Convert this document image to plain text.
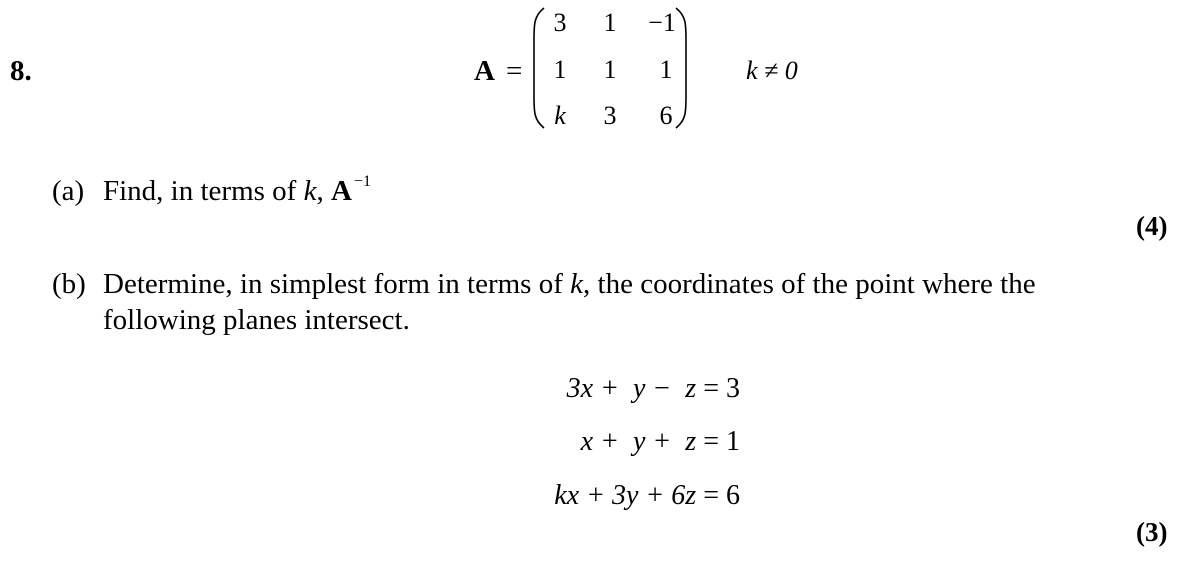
8.	A =
3	1	−1
1	1	1
k	3	6
k ≠ 0
(a) Find, in terms of k, A $^{-1}$
(4)
(b) Determine, in simplest form in terms of k, the coordinates of the point where the
following planes intersect.
3x +  y −  z = 3
x +  y +  z = 1
kx + 3y + 6z = 6
(3)
